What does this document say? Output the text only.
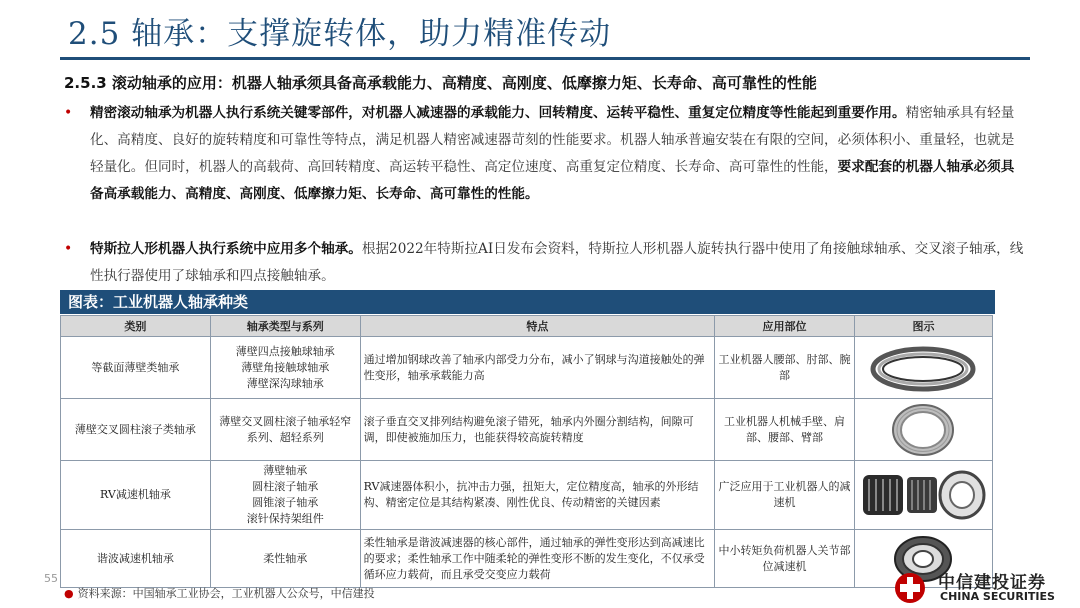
2.5 轴承：支撑旋转体，助力精准传动
2.5.3 滚动轴承的应用：机器人轴承须具备高承载能力、高精度、高刚度、低摩擦力矩、长寿命、高可靠性的性能
•	精密滚动轴承为机器人执行系统关键零部件，对机器人减速器的承载能力、回转精度、运转平稳性、重复定位精度等性能起到重要作用。精密轴承具有轻量化、高精度、良好的旋转精度和可靠性等特点，满足机器人精密减速器苛刻的性能要求。机器人轴承普遍安装在有限的空间，必须体积小、重量轻，也就是轻量化。但同时，机器人的高载荷、高回转精度、高运转平稳性、高定位速度、高重复定位精度、长寿命、高可靠性的性能，要求配套的机器人轴承必须具备高承载能力、高精度、高刚度、低摩擦力矩、长寿命、高可靠性的性能。
•	特斯拉人形机器人执行系统中应用多个轴承。根据2022年特斯拉AI日发布会资料，特斯拉人形机器人旋转执行器中使用了角接触球轴承、交叉滚子轴承，线性执行器使用了球轴承和四点接触轴承。
图表：工业机器人轴承种类
类别	轴承类型与系列	特点	应用部位	图示
等截面薄壁类轴承	薄壁四点接触球轴承
薄壁角接触球轴承
薄壁深沟球轴承	通过增加钢球改善了轴承内部受力分布，减小了钢球与沟道接触处的弹性变形，轴承承载能力高	工业机器人腰部、肘部、腕部	

薄壁交叉圆柱滚子类轴承	薄壁交叉圆柱滚子轴承轻窄系列、超轻系列	滚子垂直交叉排列结构避免滚子错死，轴承内外圈分割结构，间隙可调，即使被施加压力，也能获得较高旋转精度	工业机器人机械手壁、肩部、腰部、臂部	

RV减速机轴承	薄壁轴承
圆柱滚子轴承
圆锥滚子轴承
滚针保持架组件	RV减速器体积小，抗冲击力强，扭矩大，定位精度高，轴承的外形结构、精密定位是其结构紧凑、刚性优良、传动精密的关键因素	广泛应用于工业机器人的减速机	

谐波减速机轴承	柔性轴承	柔性轴承是谐波减速器的核心部件，通过轴承的弹性变形达到高减速比的要求；柔性轴承工作中随柔轮的弹性变形不断的发生变化，不仅承受循环应力载荷，而且承受交变应力载荷	中小转矩负荷机器人关节部位减速机	
55
● 资料来源：中国轴承工业协会，工业机器人公众号，中信建投
中信建投证券
CHINA SECURITIES
